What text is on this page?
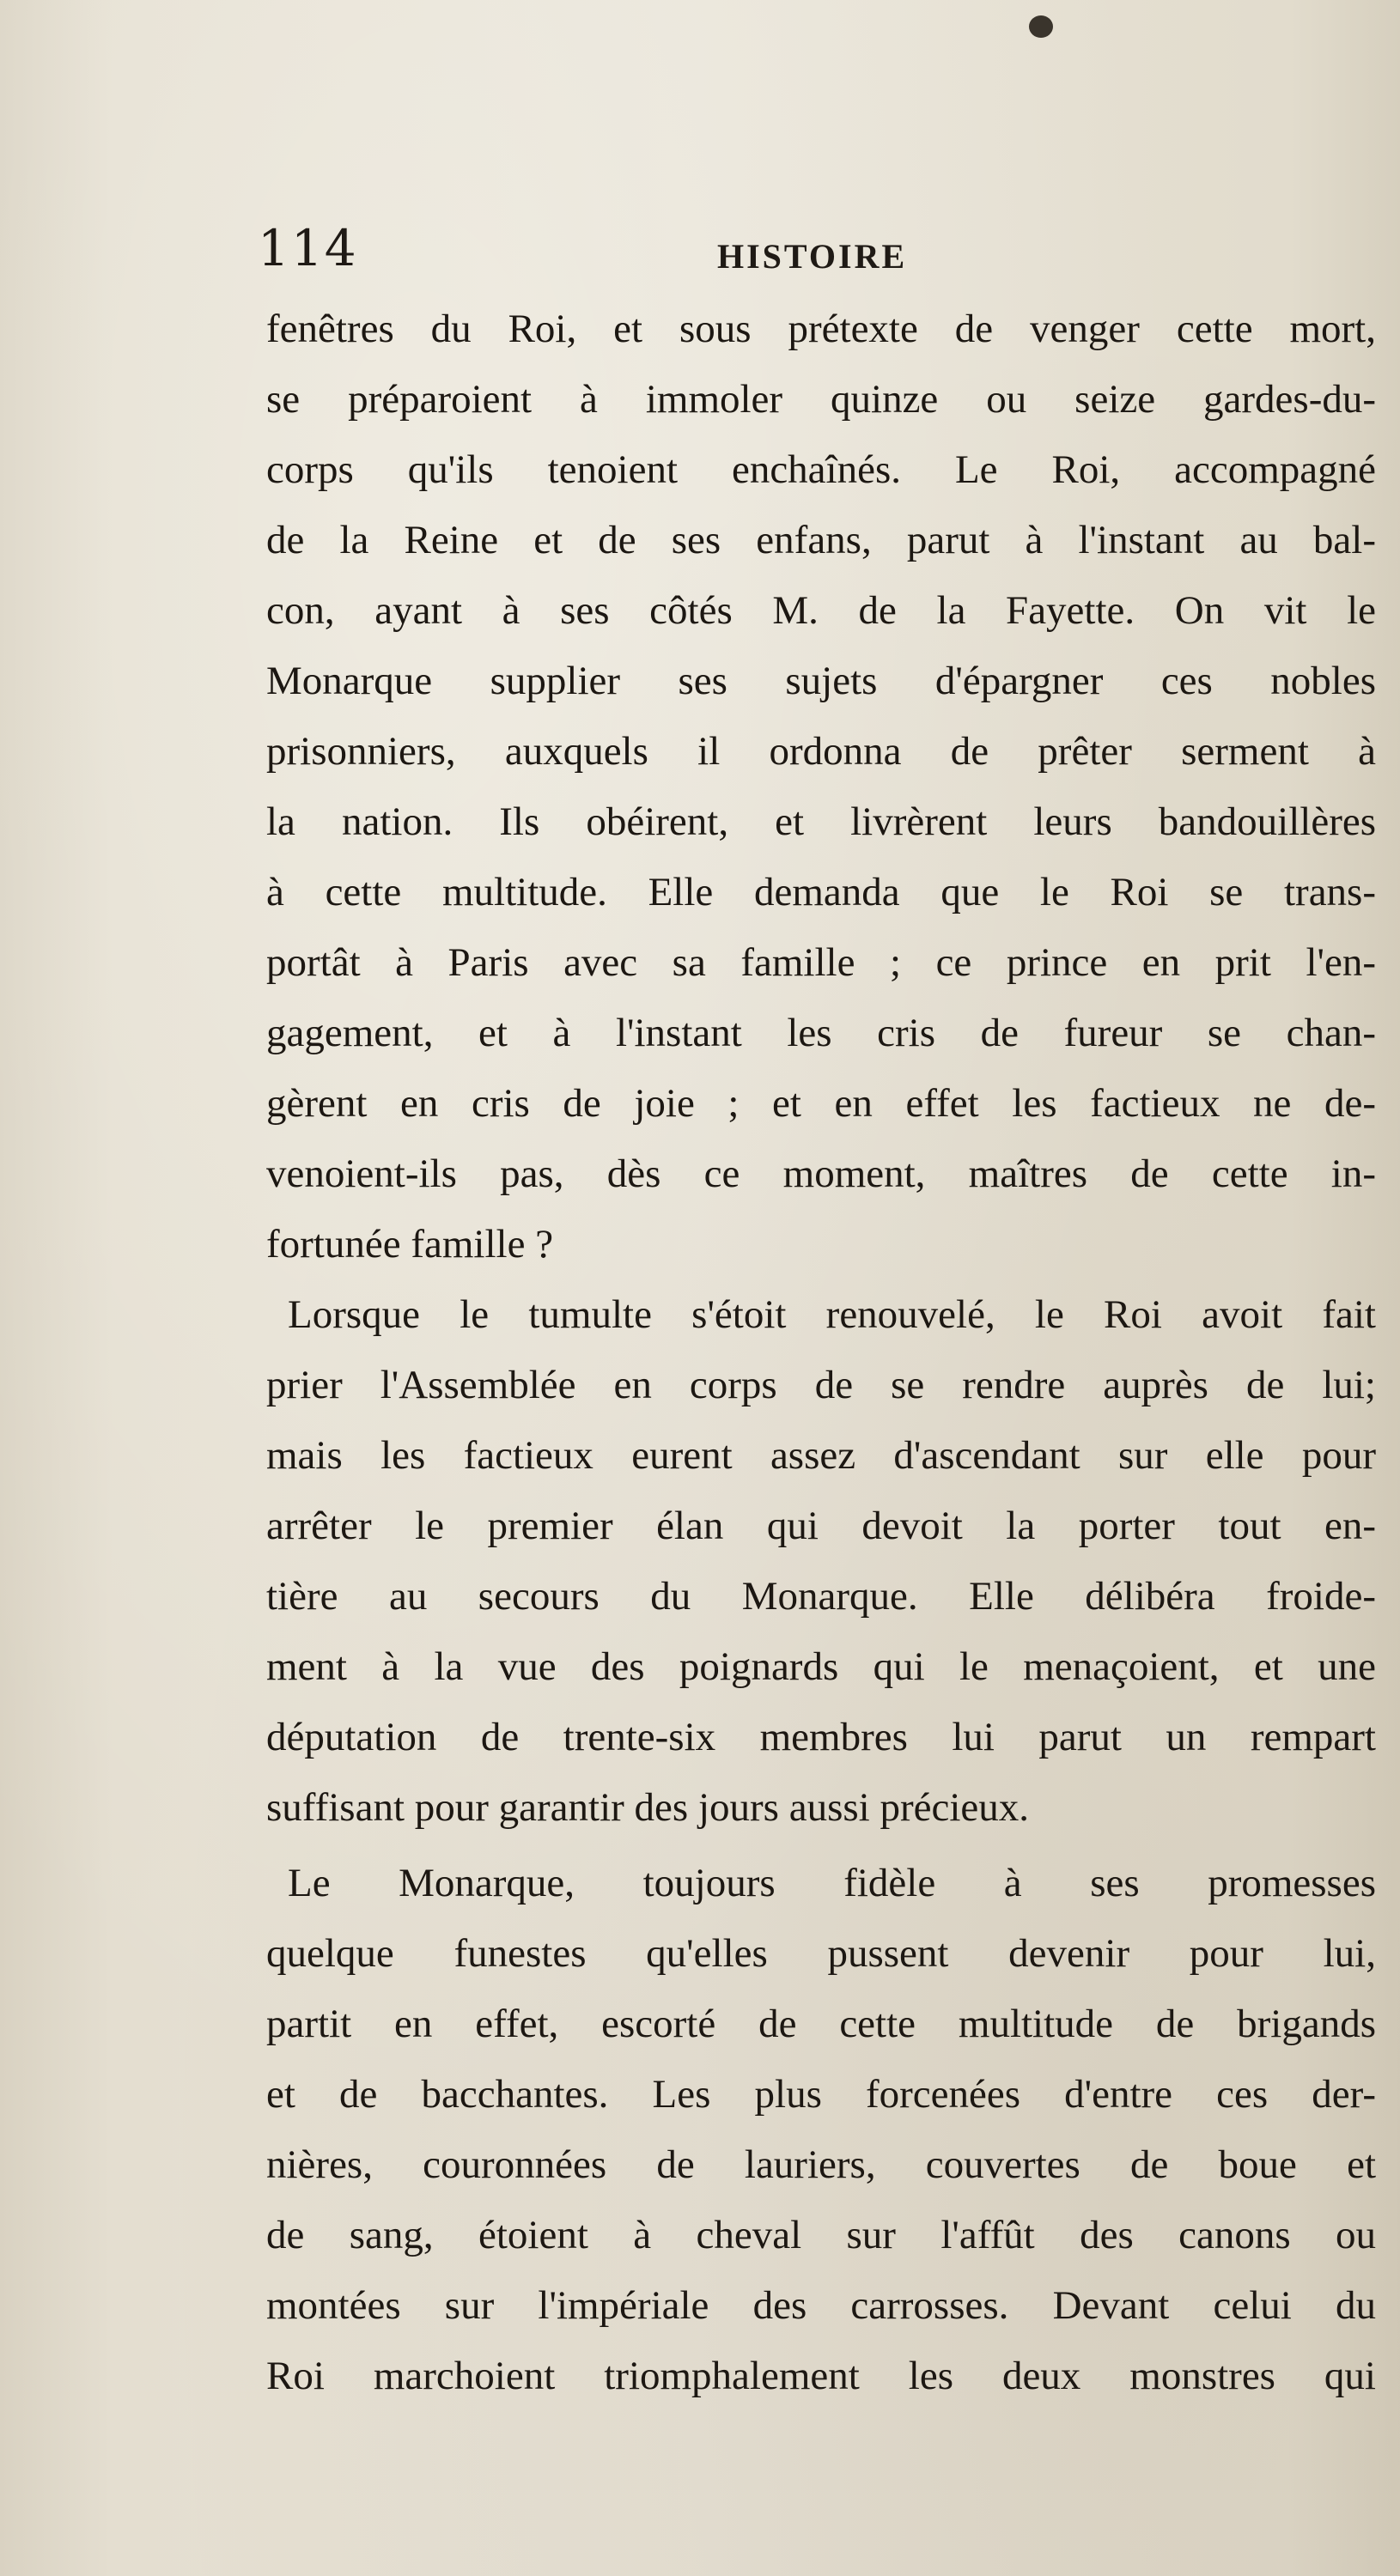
114	HISTOIRE
fenêtres du Roi, et sous prétexte de venger cette mort,
se préparoient à immoler quinze ou seize gardes-du-
corps qu'ils tenoient enchaînés. Le Roi, accompagné
de la Reine et de ses enfans, parut à l'instant au bal-
con, ayant à ses côtés M. de la Fayette. On vit le
Monarque supplier ses sujets d'épargner ces nobles
prisonniers, auxquels il ordonna de prêter serment à
la nation. Ils obéirent, et livrèrent leurs bandouillères
à cette multitude. Elle demanda que le Roi se trans-
portât à Paris avec sa famille ; ce prince en prit l'en-
gagement, et à l'instant les cris de fureur se chan-
gèrent en cris de joie ; et en effet les factieux ne de-
venoient-ils pas, dès ce moment, maîtres de cette in-
fortunée famille ?
Lorsque le tumulte s'étoit renouvelé, le Roi avoit fait
prier l'Assemblée en corps de se rendre auprès de lui;
mais les factieux eurent assez d'ascendant sur elle pour
arrêter le premier élan qui devoit la porter tout en-
tière au secours du Monarque. Elle délibéra froide-
ment à la vue des poignards qui le menaçoient, et une
députation de trente-six membres lui parut un rempart
suffisant pour garantir des jours aussi précieux.
Le Monarque, toujours fidèle à ses promesses
quelque funestes qu'elles pussent devenir pour lui,
partit en effet, escorté de cette multitude de brigands
et de bacchantes. Les plus forcenées d'entre ces der-
nières, couronnées de lauriers, couvertes de boue et
de sang, étoient à cheval sur l'affût des canons ou
montées sur l'impériale des carrosses. Devant celui du
Roi marchoient triomphalement les deux monstres qui
